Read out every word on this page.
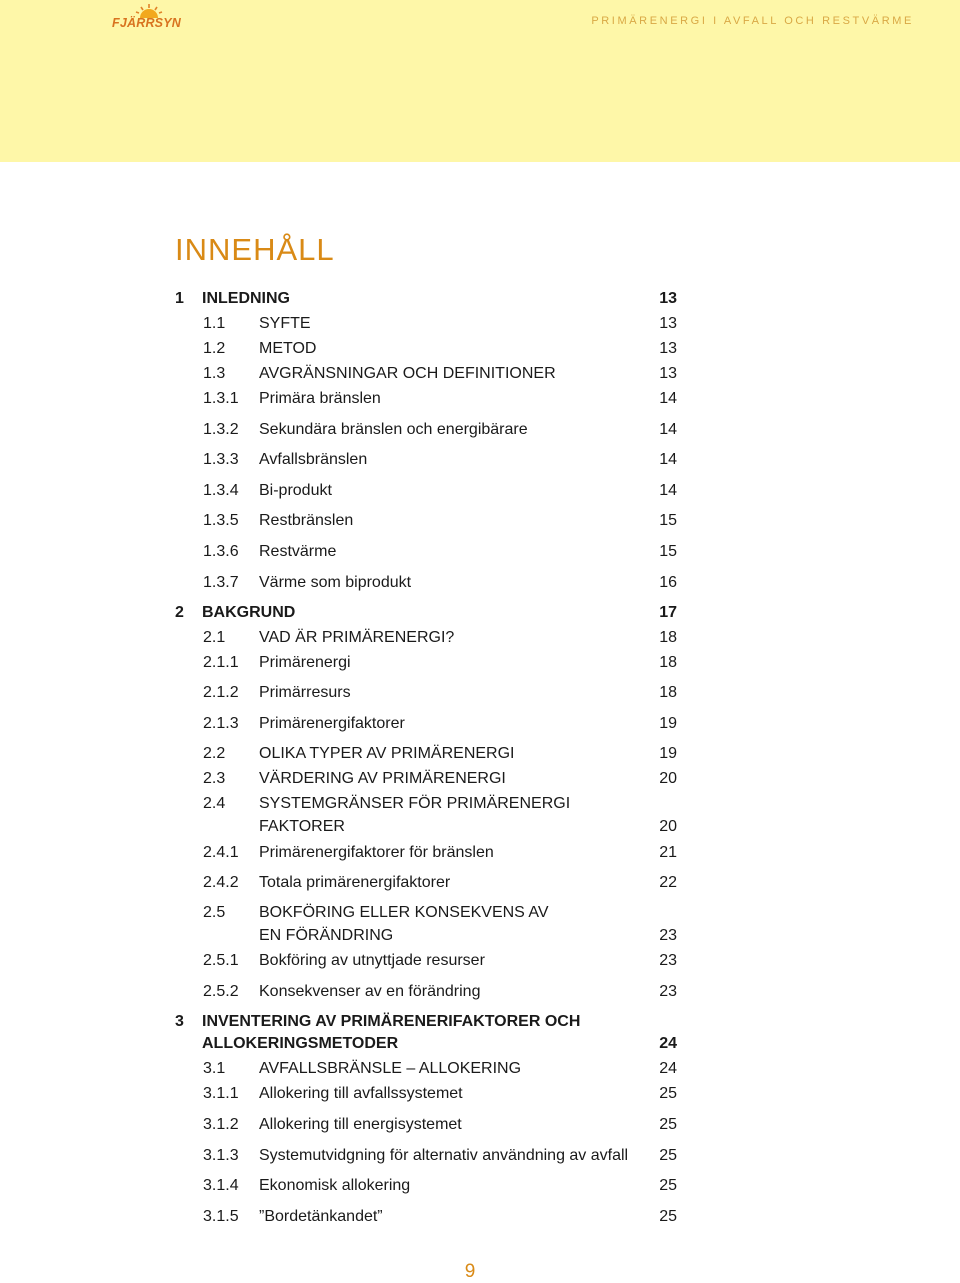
FJÄRRSYN	PRIMÄRENERGI I AVFALL OCH RESTVÄRME
INNEHÅLL
1 INLEDNING	13
1.1 SYFTE	13
1.2 METOD	13
1.3 AVGRÄNSNINGAR OCH DEFINITIONER	13
1.3.1 Primära bränslen	14
1.3.2 Sekundära bränslen och energibärare	14
1.3.3 Avfallsbränslen	14
1.3.4 Bi-produkt	14
1.3.5 Restbränslen	15
1.3.6 Restvärme	15
1.3.7 Värme som biprodukt	16
2 BAKGRUND	17
2.1 VAD ÄR PRIMÄRENERGI?	18
2.1.1 Primärenergi	18
2.1.2 Primärresurs	18
2.1.3 Primärenergifaktorer	19
2.2 OLIKA TYPER AV PRIMÄRENERGI	19
2.3 VÄRDERING AV PRIMÄRENERGI	20
2.4 SYSTEMGRÄNSER FÖR PRIMÄRENERGI
FAKTORER	20
2.4.1 Primärenergifaktorer för bränslen	21
2.4.2 Totala primärenergifaktorer	22
2.5 BOKFÖRING ELLER KONSEKVENS AV
EN FÖRÄNDRING	23
2.5.1 Bokföring av utnyttjade resurser	23
2.5.2 Konsekvenser av en förändring	23
3 INVENTERING AV PRIMÄRENERIFAKTORER OCH
ALLOKERINGSMETODER	24
3.1 AVFALLSBRÄNSLE – ALLOKERING	24
3.1.1 Allokering till avfallssystemet	25
3.1.2 Allokering till energisystemet	25
3.1.3 Systemutvidgning för alternativ användning av avfall	25
3.1.4 Ekonomisk allokering	25
3.1.5 ”Bordetänkandet”	25
9
